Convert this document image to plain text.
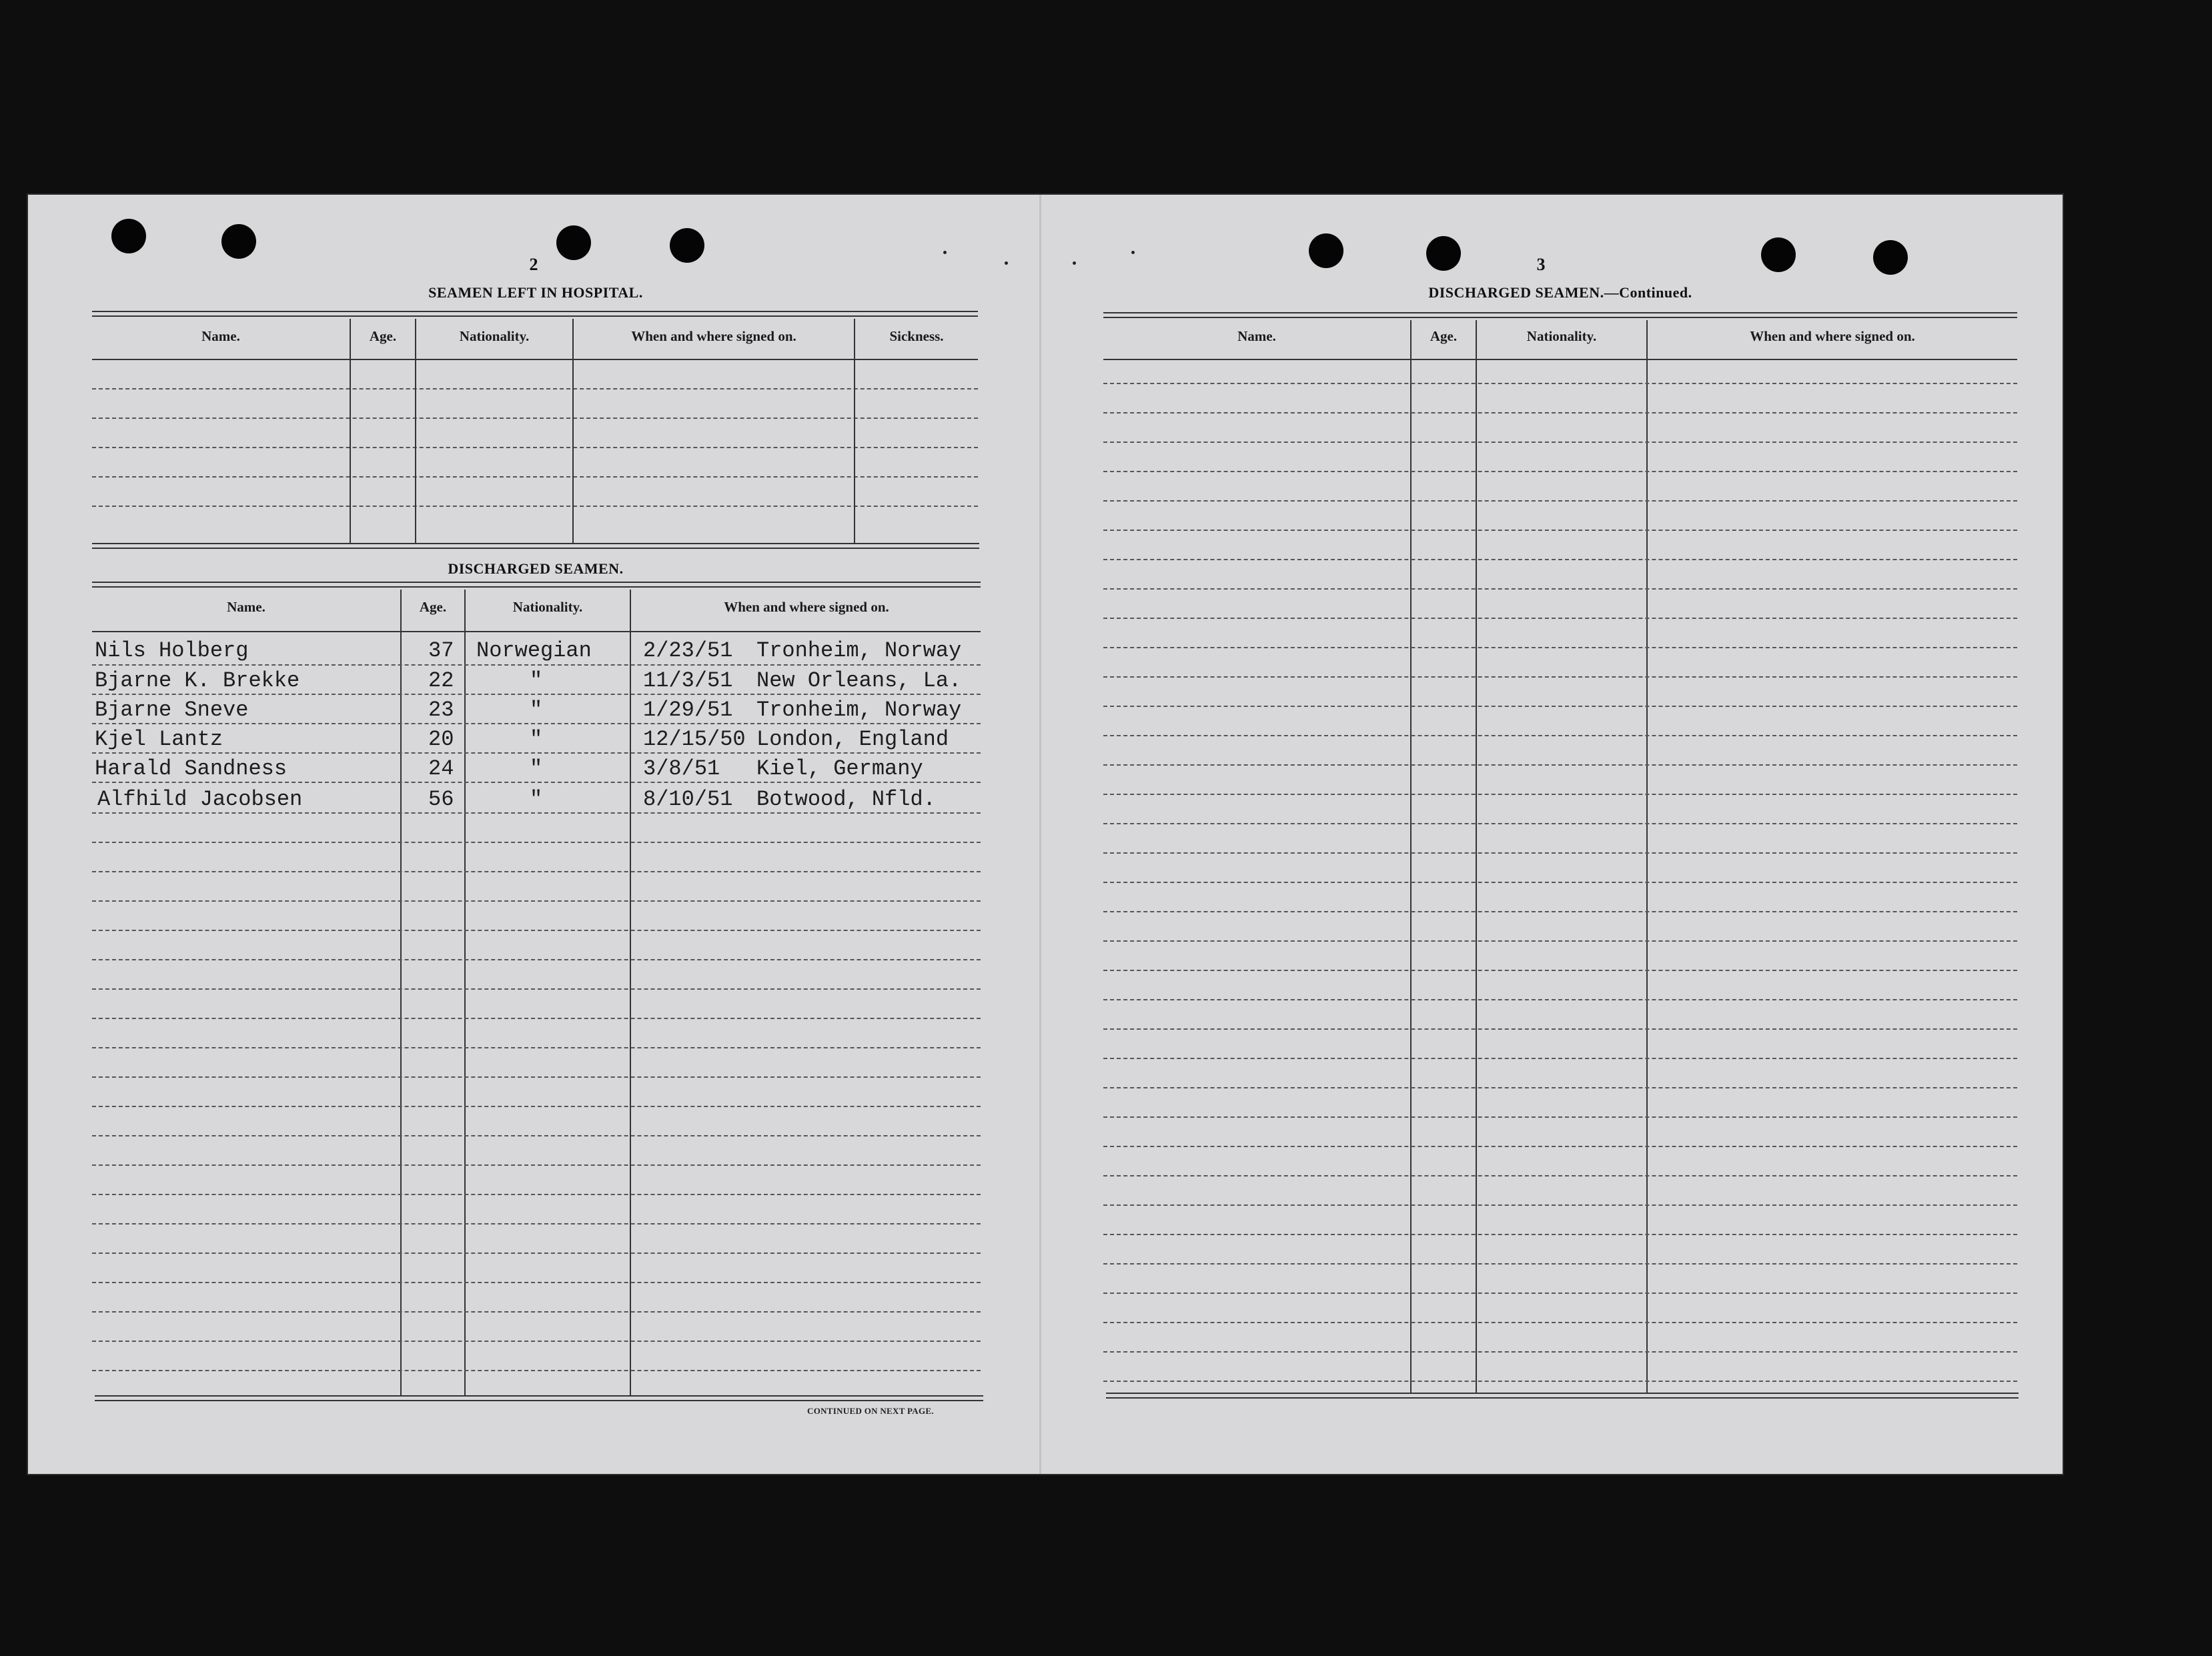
2
SEAMEN LEFT IN HOSPITAL.
Name.	Age.	Nationality.	When and where signed on.	Sickness.
DISCHARGED SEAMEN.
Name.	Age.	Nationality.	When and where signed on.
Nils Holberg	37 Norwegian 2/23/51 Tronheim, Norway
Bjarne K. Brekke	22	"	11/3/51 New Orleans, La.
Bjarne Sneve	23	"	1/29/51 Tronheim, Norway
Kjel Lantz	20	"	12/15/50 London, England
Harald Sandness	24	"	3/8/51 Kiel, Germany
Alfhild Jacobsen	56	"	8/10/51 Botwood, Nfld.
CONTINUED ON NEXT PAGE.
3
DISCHARGED SEAMEN.—Continued.
Name.	Age.	Nationality.	When and where signed on.
